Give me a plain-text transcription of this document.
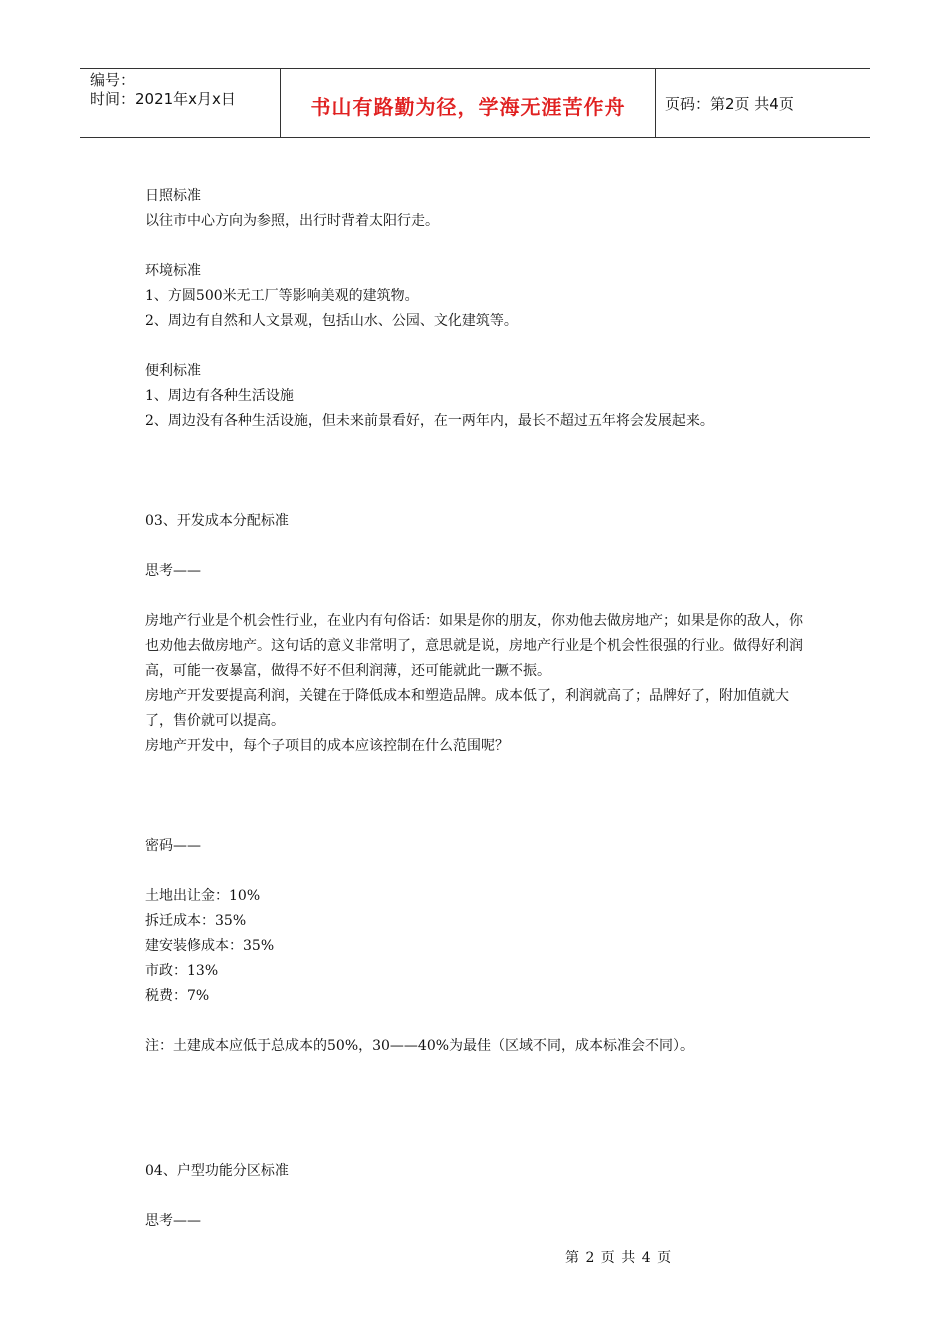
编号：
时间：2021年x月x日	书山有路勤为径，学海无涯苦作舟	页码：第2页 共4页
日照标准
以往市中心方向为参照，出行时背着太阳行走。
环境标准
1、方圆500米无工厂等影响美观的建筑物。
2、周边有自然和人文景观，包括山水、公园、文化建筑等。
便利标准
1、周边有各种生活设施
2、周边没有各种生活设施，但未来前景看好，在一两年内，最长不超过五年将会发展起来。
03、开发成本分配标准
思考——
房地产行业是个机会性行业，在业内有句俗话：如果是你的朋友，你劝他去做房地产；如果是你的敌人，你也劝他去做房地产。这句话的意义非常明了，意思就是说，房地产行业是个机会性很强的行业。做得好利润高，可能一夜暴富，做得不好不但利润薄，还可能就此一蹶不振。
房地产开发要提高利润，关键在于降低成本和塑造品牌。成本低了，利润就高了；品牌好了，附加值就大了，售价就可以提高。
房地产开发中，每个子项目的成本应该控制在什么范围呢？
密码——
土地出让金：10%
拆迁成本：35%
建安装修成本：35%
市政：13%
税费：7%
注：土建成本应低于总成本的50%，30——40%为最佳（区域不同，成本标准会不同）。
04、户型功能分区标准
思考——
第 2 页 共 4 页
